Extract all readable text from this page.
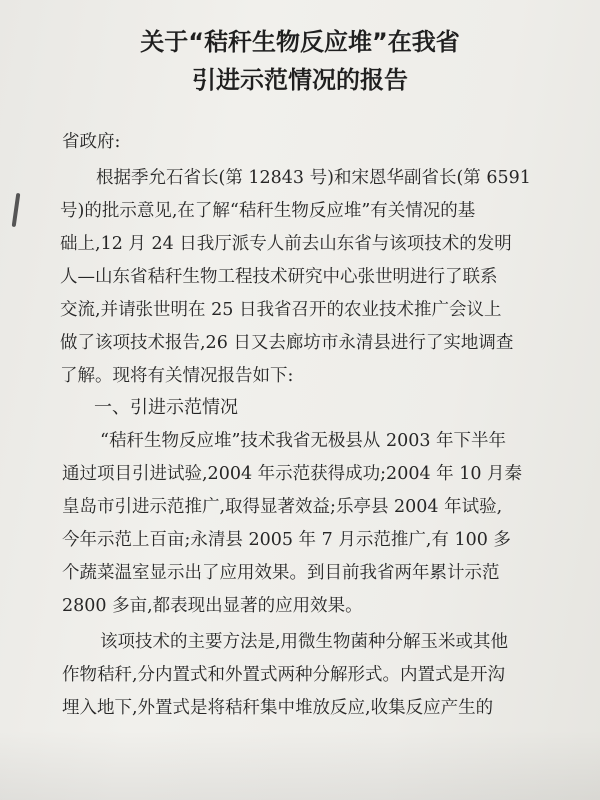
关于“秸秆生物反应堆”在我省
引进示范情况的报告
省政府:
根据季允石省长(第 12843 号)和宋恩华副省长(第 6591
号)的批示意见,在了解“秸秆生物反应堆”有关情况的基
础上,12 月 24 日我厅派专人前去山东省与该项技术的发明
人—山东省秸秆生物工程技术研究中心张世明进行了联系
交流,并请张世明在 25 日我省召开的农业技术推广会议上
做了该项技术报告,26 日又去廊坊市永清县进行了实地调查
了解。现将有关情况报告如下:
一、引进示范情况
“秸秆生物反应堆”技术我省无极县从 2003 年下半年
通过项目引进试验,2004 年示范获得成功;2004 年 10 月秦
皇岛市引进示范推广,取得显著效益;乐亭县 2004 年试验,
今年示范上百亩;永清县 2005 年 7 月示范推广,有 100 多
个蔬菜温室显示出了应用效果。到目前我省两年累计示范
2800 多亩,都表现出显著的应用效果。
该项技术的主要方法是,用微生物菌种分解玉米或其他
作物秸秆,分内置式和外置式两种分解形式。内置式是开沟
埋入地下,外置式是将秸秆集中堆放反应,收集反应产生的
